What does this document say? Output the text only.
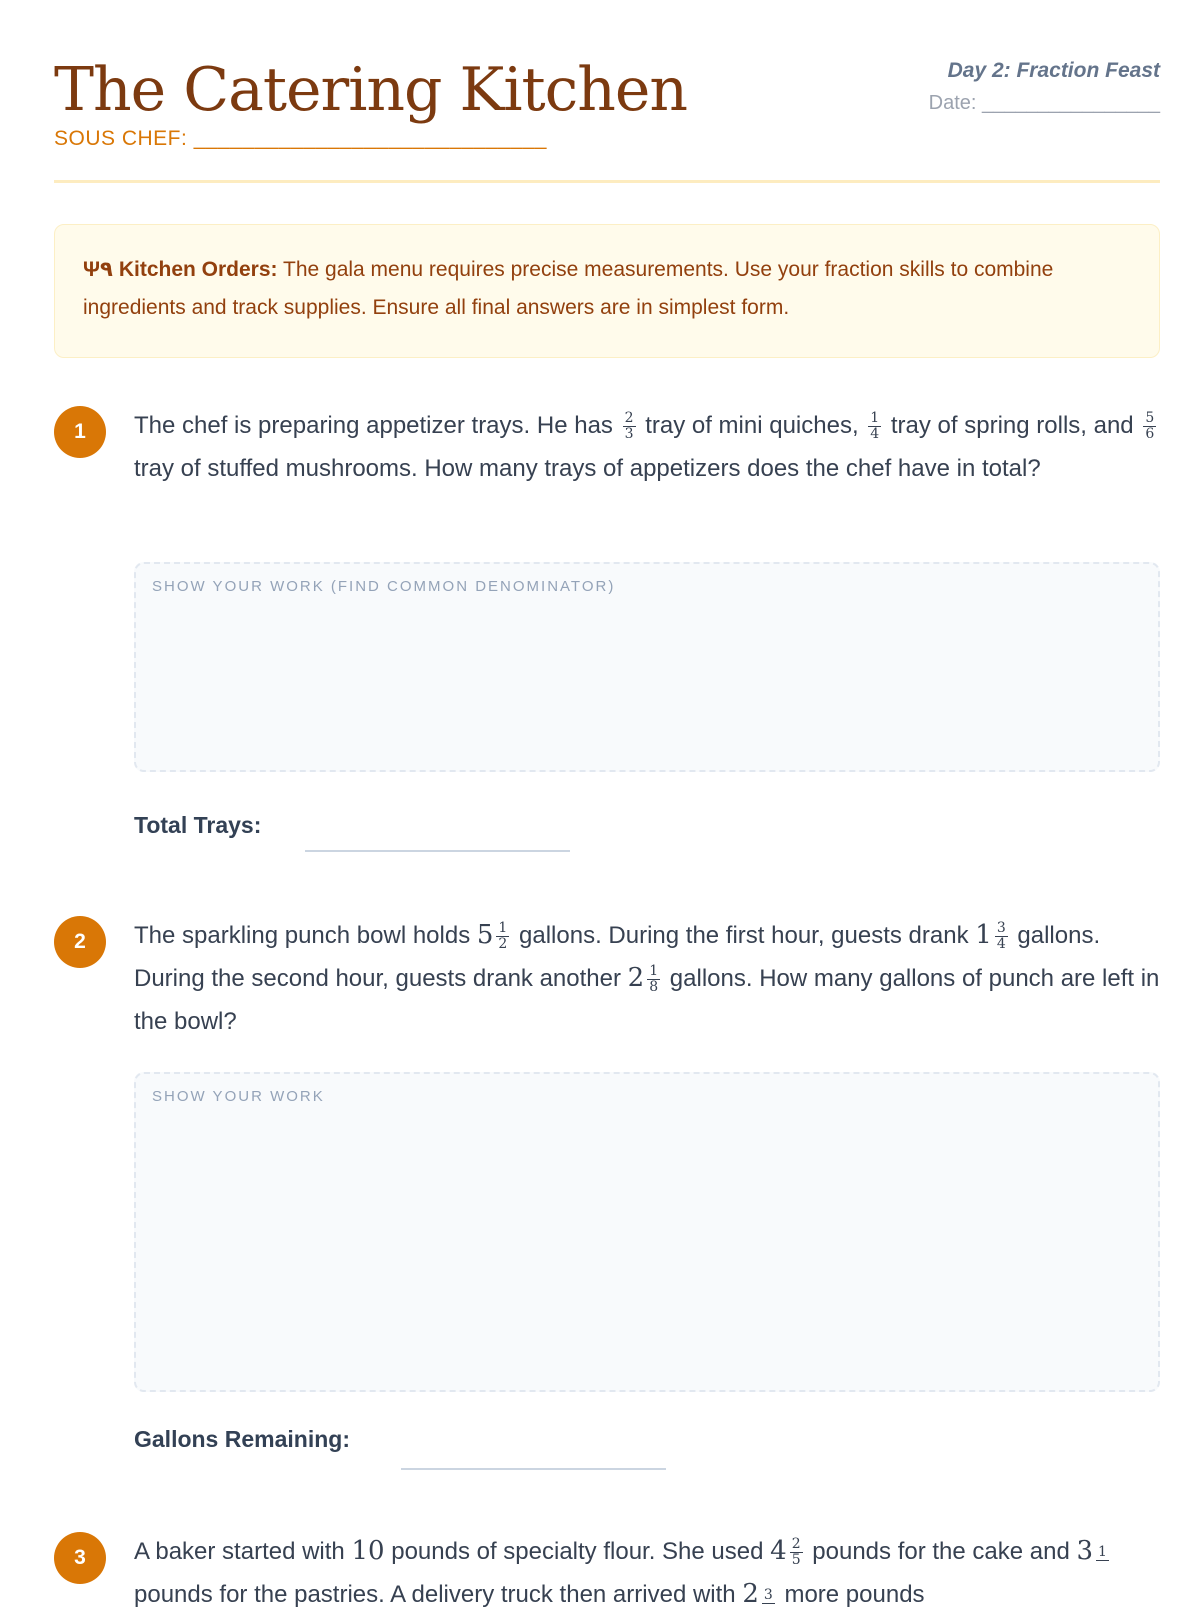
The Catering Kitchen
SOUS CHEF: _____________________________
Day 2: Fraction Feast
Date: ________________
Ψ٩ Kitchen Orders: The gala menu requires precise measurements. Use your fraction skills to combine ingredients and track supplies. Ensure all final answers are in simplest form.
1	The chef is preparing appetizer trays. He has $\frac{2}{3}$ tray of mini quiches, $\frac{1}{4}$ tray of spring rolls, and $\frac{5}{6}$
tray of stuffed mushrooms. How many trays of appetizers does the chef have in total?

SHOW YOUR WORK (FIND COMMON DENOMINATOR)
Total Trays:
2	The sparkling punch bowl holds $5 \frac{1}{2}$ gallons. During the first hour, guests drank $1 \frac{3}{4}$ gallons. During the second hour, guests drank another $2 \frac{1}{8}$ gallons. How many gallons of punch are left in the bowl?

SHOW YOUR WORK
Gallons Remaining:
3	A baker started with 10 pounds of specialty flour. She used $4 \frac{2}{5}$ pounds for the cake and 3 1
pounds for the pastries. A delivery truck then arrived with 2 3 more pounds
